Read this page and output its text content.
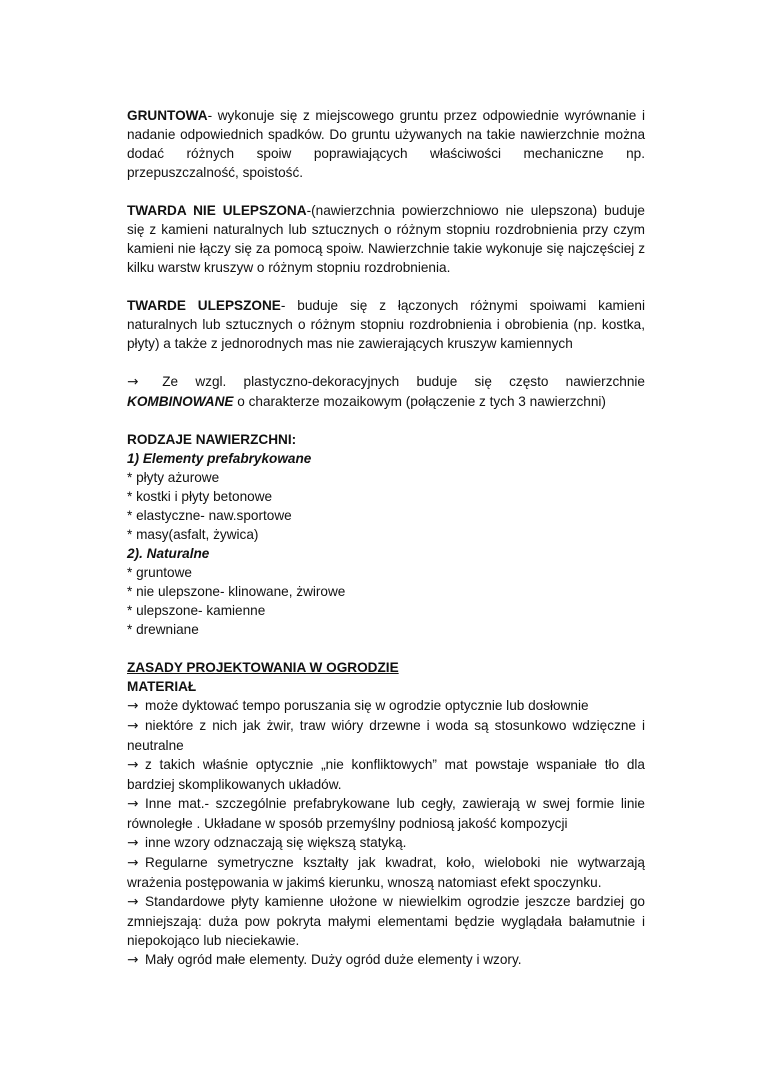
GRUNTOWA- wykonuje się z miejscowego gruntu przez odpowiednie wyrównanie i nadanie odpowiednich spadków. Do gruntu używanych na takie nawierzchnie można dodać różnych spoiw poprawiających właściwości mechaniczne np. przepuszczalność, spoistość.

TWARDA NIE ULEPSZONA-(nawierzchnia powierzchniowo nie ulepszona) buduje się z kamieni naturalnych lub sztucznych o różnym stopniu rozdrobnienia przy czym kamieni nie łączy się za pomocą spoiw. Nawierzchnie takie wykonuje się najczęściej z kilku warstw kruszyw o różnym stopniu rozdrobnienia.

TWARDE ULEPSZONE- buduje się z łączonych różnymi spoiwami kamieni naturalnych lub sztucznych o różnym stopniu rozdrobnienia i obrobienia (np. kostka, płyty) a także z jednorodnych mas nie zawierających kruszyw kamiennych

→ Ze wzgl. plastyczno-dekoracyjnych buduje się często nawierzchnie KOMBINOWANE o charakterze mozaikowym (połączenie z tych 3 nawierzchni)

RODZAJE NAWIERZCHNI:
1) Elementy prefabrykowane
* płyty ażurowe
* kostki i płyty betonowe
* elastyczne- naw.sportowe
* masy(asfalt, żywica)
2). Naturalne
* gruntowe
* nie ulepszone- klinowane, żwirowe
* ulepszone- kamienne
* drewniane
ZASADY PROJEKTOWANIA W OGRODZIE
MATERIAŁ

→ może dyktować tempo poruszania się w ogrodzie optycznie lub dosłownie

→ niektóre z nich jak żwir, traw wióry drzewne i woda są stosunkowo wdzięczne i neutralne

→ z takich właśnie optycznie „nie konfliktowych” mat powstaje wspaniałe tło dla bardziej skomplikowanych układów.

→ Inne mat.- szczególnie prefabrykowane lub cegły, zawierają w swej formie linie równoległe . Układane w sposób przemyślny podniosą jakość kompozycji

→ inne wzory odznaczają się większą statyką.

→ Regularne symetryczne kształty jak kwadrat, koło, wieloboki nie wytwarzają wrażenia postępowania w jakimś kierunku, wnoszą natomiast efekt spoczynku.

→ Standardowe płyty kamienne ułożone w niewielkim ogrodzie jeszcze bardziej go zmniejszają: duża pow pokryta małymi elementami będzie wyglądała bałamutnie i niepokojąco lub nieciekawie.

→ Mały ogród małe elementy. Duży ogród duże elementy i wzory.
